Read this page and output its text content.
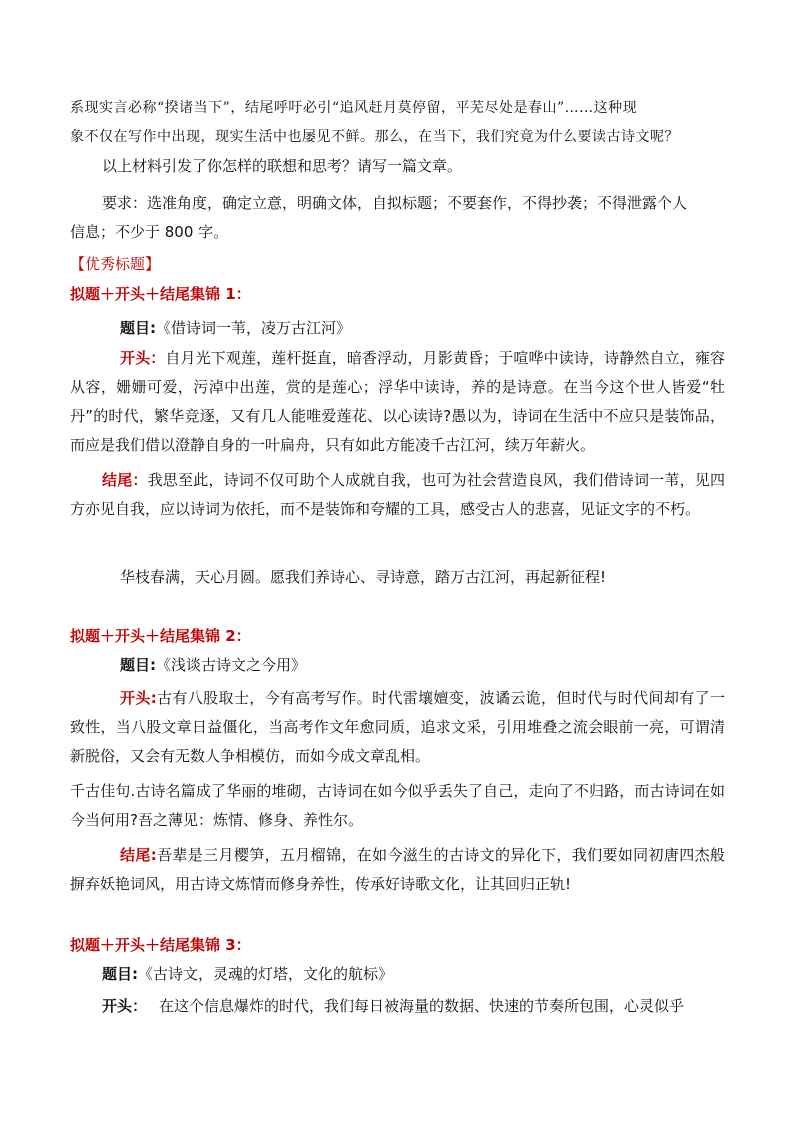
系现实言必称“揆诸当下”，结尾呼吁必引“追风赶月莫停留，平芜尽处是春山”……这种现
象不仅在写作中出现，现实生活中也屡见不鲜。那么，在当下，我们究竟为什么要读古诗文呢？
以上材料引发了你怎样的联想和思考？请写一篇文章。
要求：选准角度，确定立意，明确文体，自拟标题；不要套作，不得抄袭；不得泄露个人
信息；不少于 800 字。
【优秀标题】
拟题＋开头＋结尾集锦 1：
题目:《借诗词一苇，凌万古江河》
开头：自月光下观莲，莲杆挺直，暗香浮动，月影黄昏；于喧哗中读诗，诗静然自立，雍容从容，姗姗可爱，污淖中出莲，赏的是莲心；浮华中读诗，养的是诗意。在当今这个世人皆爱“牡丹”的时代，繁华竞逐，又有几人能唯爱莲花、以心读诗?愚以为，诗词在生活中不应只是装饰品，而应是我们借以澄静自身的一叶扁舟，只有如此方能凌千古江河，续万年薪火。
结尾：我思至此，诗词不仅可助个人成就自我，也可为社会营造良风，我们借诗词一苇，见四方亦见自我，应以诗词为依托，而不是装饰和夸耀的工具，感受古人的悲喜，见证文字的不朽。
华枝春满，天心月圆。愿我们养诗心、寻诗意，踏万古江河，再起新征程!
拟题＋开头＋结尾集锦 2：
题目:《浅谈古诗文之今用》
开头:古有八股取士，今有高考写作。时代雷壤嬗变，波谲云诡，但时代与时代间却有了一致性，当八股文章日益僵化，当高考作文年愈同质，追求文采，引用堆叠之流会眼前一亮，可谓清新脱俗，又会有无数人争相模仿，而如今成文章乱相。
千古佳句.古诗名篇成了华丽的堆砌，古诗词在如今似乎丢失了自己，走向了不归路，而古诗词在如今当何用?吾之薄见：炼情、修身、养性尔。
结尾:吾辈是三月樱笋，五月榴锦，在如今滋生的古诗文的异化下，我们要如同初唐四杰般摒弃妖艳词风，用古诗文炼情而修身养性，传承好诗歌文化，让其回归正轨!
拟题＋开头＋结尾集锦 3：
题目:《古诗文，灵魂的灯塔，文化的航标》
开头： 在这个信息爆炸的时代，我们每日被海量的数据、快速的节奏所包围，心灵似乎
